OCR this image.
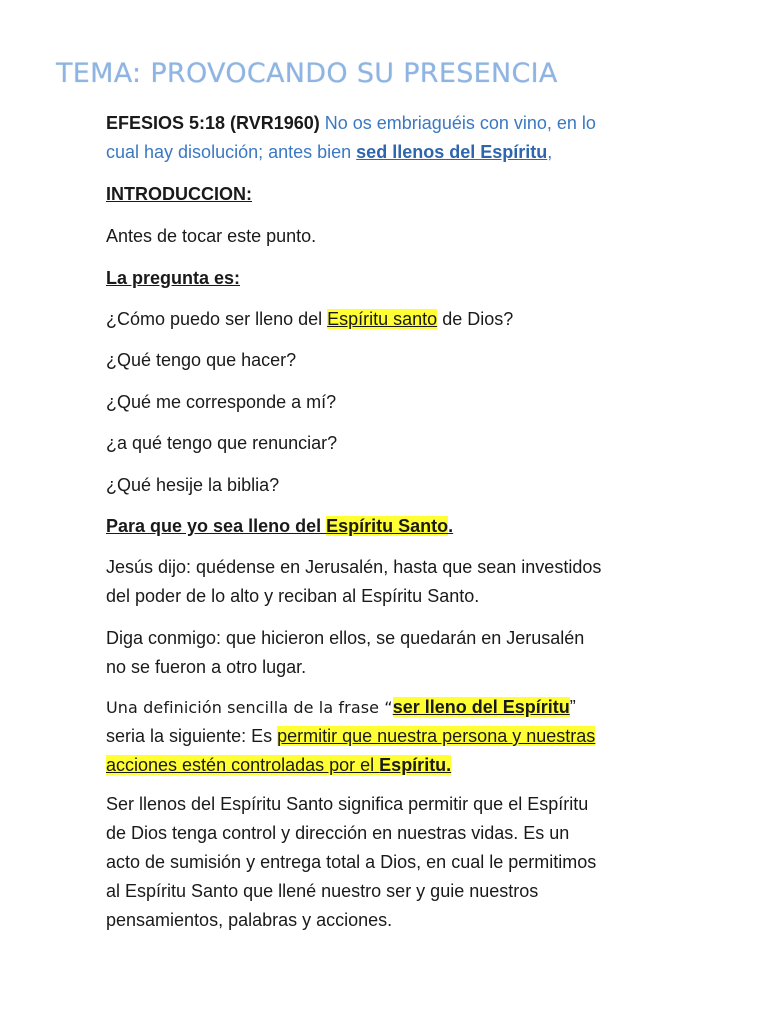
TEMA: PROVOCANDO SU PRESENCIA

EFESIOS 5:18 (RVR1960) No os embriaguéis con vino, en lo
cual hay disolución; antes bien sed llenos del Espíritu,

INTRODUCCION:

Antes de tocar este punto.

La pregunta es:

¿Cómo puedo ser lleno del Espíritu santo de Dios?

¿Qué tengo que hacer?

¿Qué me corresponde a mí?

¿a qué tengo que renunciar?

¿Qué hesije la biblia?

Para que yo sea lleno del Espíritu Santo.

Jesús dijo: quédense en Jerusalén, hasta que sean investidos
del poder de lo alto y reciban al Espíritu Santo.

Diga conmigo: que hicieron ellos, se quedarán en Jerusalén
no se fueron a otro lugar.

Una definición sencilla de la frase “ser lleno del Espíritu”
seria la siguiente: Es permitir que nuestra persona y nuestras
acciones estén controladas por el Espíritu.

Ser llenos del Espíritu Santo significa permitir que el Espíritu
de Dios tenga control y dirección en nuestras vidas. Es un
acto de sumisión y entrega total a Dios, en cual le permitimos
al Espíritu Santo que llené nuestro ser y guie nuestros
pensamientos, palabras y acciones.
